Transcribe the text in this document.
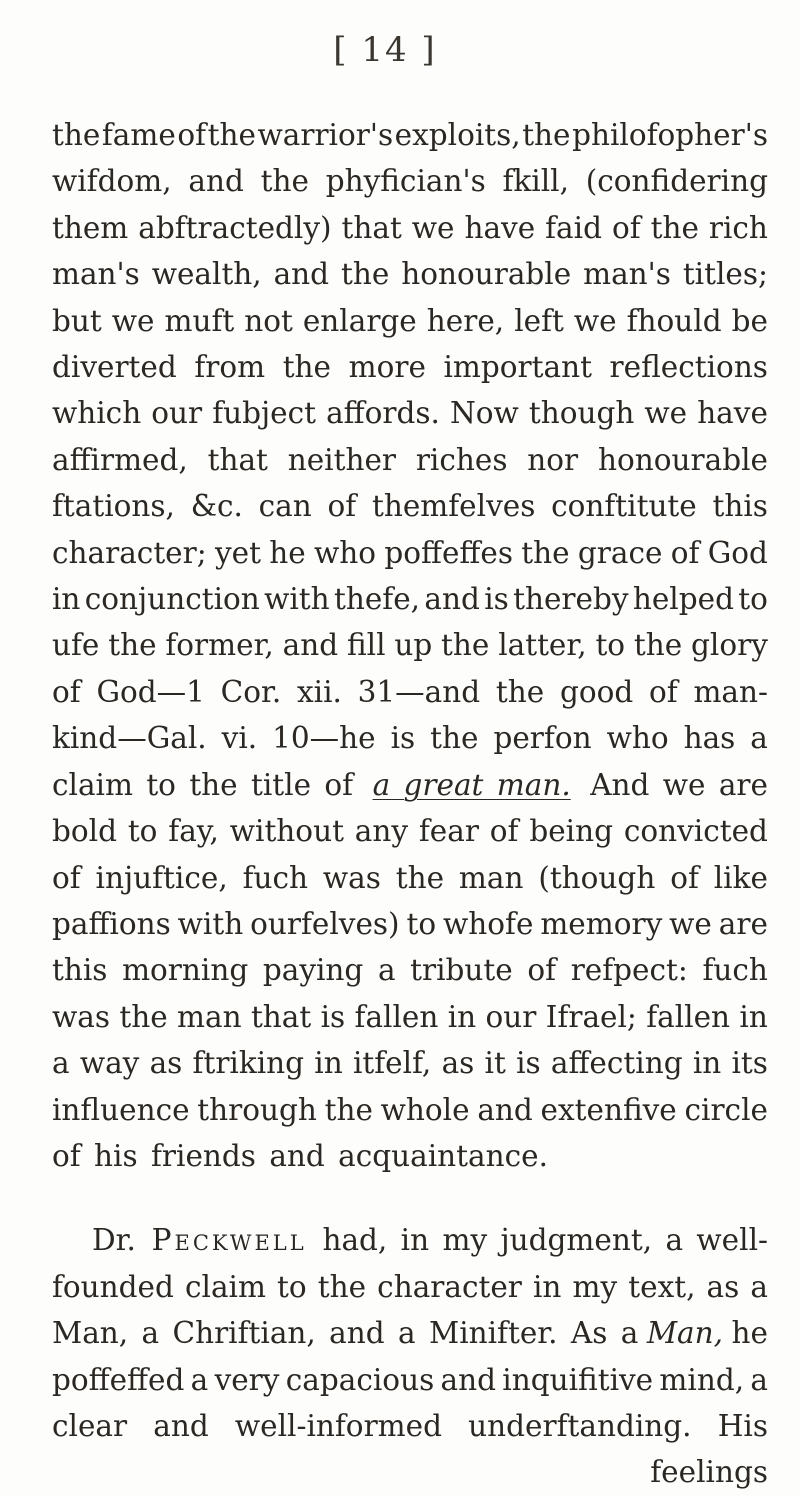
[ 14 ]
the fame of the warrior's exploits, the philofopher's
wifdom, and the phyfician's fkill, (confidering
them abftractedly) that we have faid of the rich
man's wealth, and the honourable man's titles;
but we muft not enlarge here, left we fhould be
diverted from the more important reflections
which our fubject affords. Now though we have
affirmed, that neither riches nor honourable
ftations, &c. can of themfelves conftitute this
character; yet he who poffeffes the grace of God
in conjunction with thefe, and is thereby helped to
ufe the former, and fill up the latter, to the glory
of God—1 Cor. xii. 31—and the good of man-
kind—Gal. vi. 10—he is the perfon who has a
claim to the title of a great man. And we are
bold to fay, without any fear of being convicted
of injuftice, fuch was the man (though of like
paffions with ourfelves) to whofe memory we are
this morning paying a tribute of refpect: fuch
was the man that is fallen in our Ifrael; fallen in
a way as ftriking in itfelf, as it is affecting in its
influence through the whole and extenfive circle
of his friends and acquaintance.
Dr. Peckwell had, in my judgment, a well-
founded claim to the character in my text, as a
Man, a Chriftian, and a Minifter. As a Man, he
poffeffed a very capacious and inquifitive mind, a
clear and well-informed underftanding. His
feelings
